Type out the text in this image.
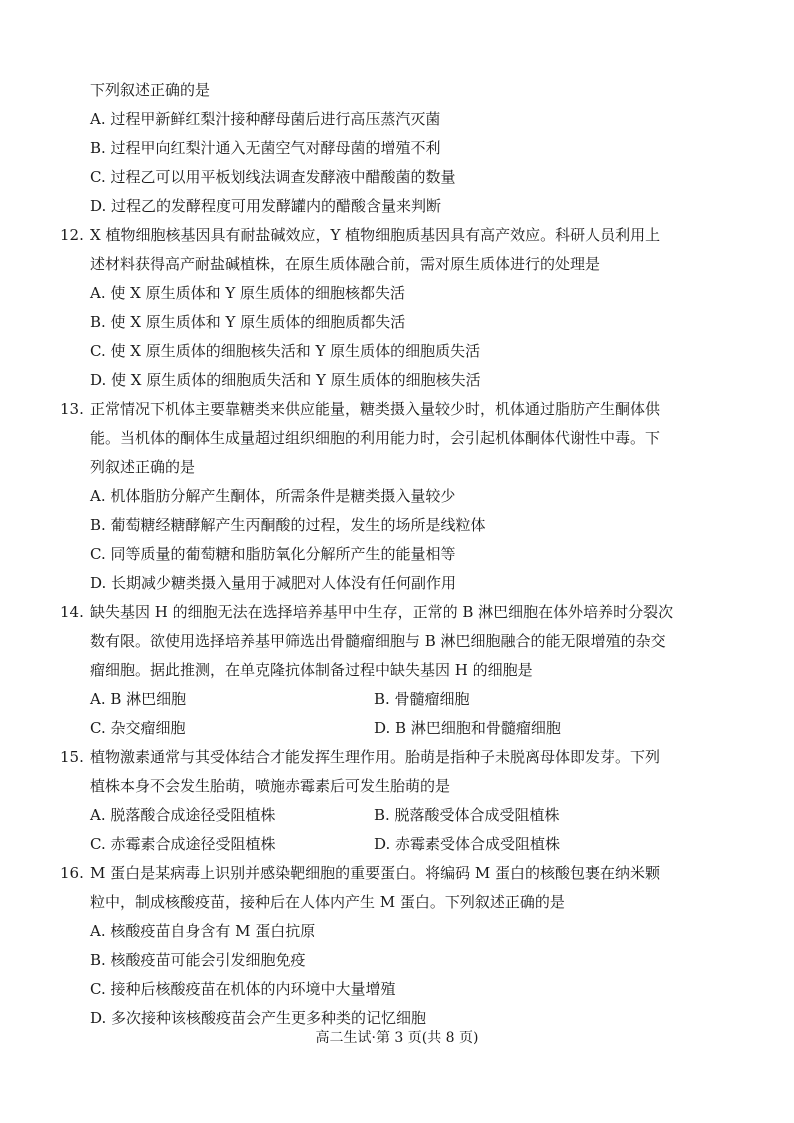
下列叙述正确的是
A. 过程甲新鲜红梨汁接种酵母菌后进行高压蒸汽灭菌
B. 过程甲向红梨汁通入无菌空气对酵母菌的增殖不利
C. 过程乙可以用平板划线法调查发酵液中醋酸菌的数量
D. 过程乙的发酵程度可用发酵罐内的醋酸含量来判断
12. X 植物细胞核基因具有耐盐碱效应，Y 植物细胞质基因具有高产效应。科研人员利用上
述材料获得高产耐盐碱植株，在原生质体融合前，需对原生质体进行的处理是
A. 使 X 原生质体和 Y 原生质体的细胞核都失活
B. 使 X 原生质体和 Y 原生质体的细胞质都失活
C. 使 X 原生质体的细胞核失活和 Y 原生质体的细胞质失活
D. 使 X 原生质体的细胞质失活和 Y 原生质体的细胞核失活
13. 正常情况下机体主要靠糖类来供应能量，糖类摄入量较少时，机体通过脂肪产生酮体供
能。当机体的酮体生成量超过组织细胞的利用能力时，会引起机体酮体代谢性中毒。下
列叙述正确的是
A. 机体脂肪分解产生酮体，所需条件是糖类摄入量较少
B. 葡萄糖经糖酵解产生丙酮酸的过程，发生的场所是线粒体
C. 同等质量的葡萄糖和脂肪氧化分解所产生的能量相等
D. 长期减少糖类摄入量用于减肥对人体没有任何副作用
14. 缺失基因 H 的细胞无法在选择培养基甲中生存，正常的 B 淋巴细胞在体外培养时分裂次
数有限。欲使用选择培养基甲筛选出骨髓瘤细胞与 B 淋巴细胞融合的能无限增殖的杂交
瘤细胞。据此推测，在单克隆抗体制备过程中缺失基因 H 的细胞是
A. B 淋巴细胞	B. 骨髓瘤细胞
C. 杂交瘤细胞	D. B 淋巴细胞和骨髓瘤细胞
15. 植物激素通常与其受体结合才能发挥生理作用。胎萌是指种子未脱离母体即发芽。下列
植株本身不会发生胎萌，喷施赤霉素后可发生胎萌的是
A. 脱落酸合成途径受阻植株	B. 脱落酸受体合成受阻植株
C. 赤霉素合成途径受阻植株	D. 赤霉素受体合成受阻植株
16. M 蛋白是某病毒上识别并感染靶细胞的重要蛋白。将编码 M 蛋白的核酸包裹在纳米颗
粒中，制成核酸疫苗，接种后在人体内产生 M 蛋白。下列叙述正确的是
A. 核酸疫苗自身含有 M 蛋白抗原
B. 核酸疫苗可能会引发细胞免疫
C. 接种后核酸疫苗在机体的内环境中大量增殖
D. 多次接种该核酸疫苗会产生更多种类的记忆细胞
高二生试·第 3 页(共 8 页)
